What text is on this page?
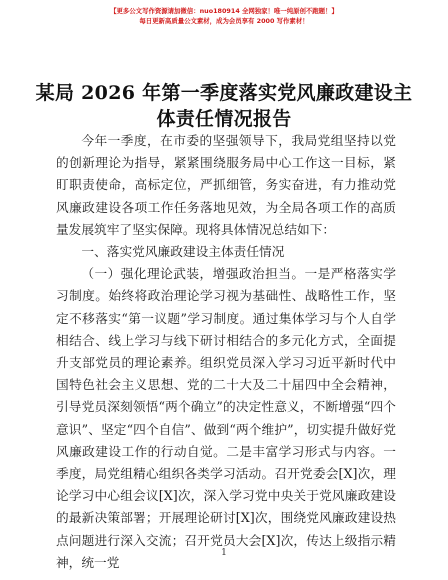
【更多公文写作资源请加微信：nuo180914 全网独家！唯一纯原创不跑题！】
每日更新高质量公文素材，成为会员享有 2000 写作素材！
某局 2026 年第一季度落实党风廉政建设主体责任情况报告

今年一季度，在市委的坚强领导下，我局党组坚持以党的创新理论为指导，紧紧围绕服务局中心工作这一目标，紧盯职责使命，高标定位，严抓细管，务实奋进，有力推动党风廉政建设各项工作任务落地见效，为全局各项工作的高质量发展筑牢了坚实保障。现将具体情况总结如下：

一、落实党风廉政建设主体责任情况

（一）强化理论武装，增强政治担当。一是严格落实学习制度。始终将政治理论学习视为基础性、战略性工作，坚定不移落实“第一议题”学习制度。通过集体学习与个人自学相结合、线上学习与线下研讨相结合的多元化方式，全面提升支部党员的理论素养。组织党员深入学习习近平新时代中国特色社会主义思想、党的二十大及二十届四中全会精神，引导党员深刻领悟“两个确立”的决定性意义，不断增强“四个意识”、坚定“四个自信”、做到“两个维护”，切实提升做好党风廉政建设工作的行动自觉。二是丰富学习形式与内容。一季度，局党组精心组织各类学习活动。召开党委会[X]次，理论学习中心组会议[X]次，深入学习党中央关于党风廉政建设的最新决策部署；开展理论研讨[X]次，围绕党风廉政建设热点问题进行深入交流；召开党员大会[X]次，传达上级指示精神，统一党

1
